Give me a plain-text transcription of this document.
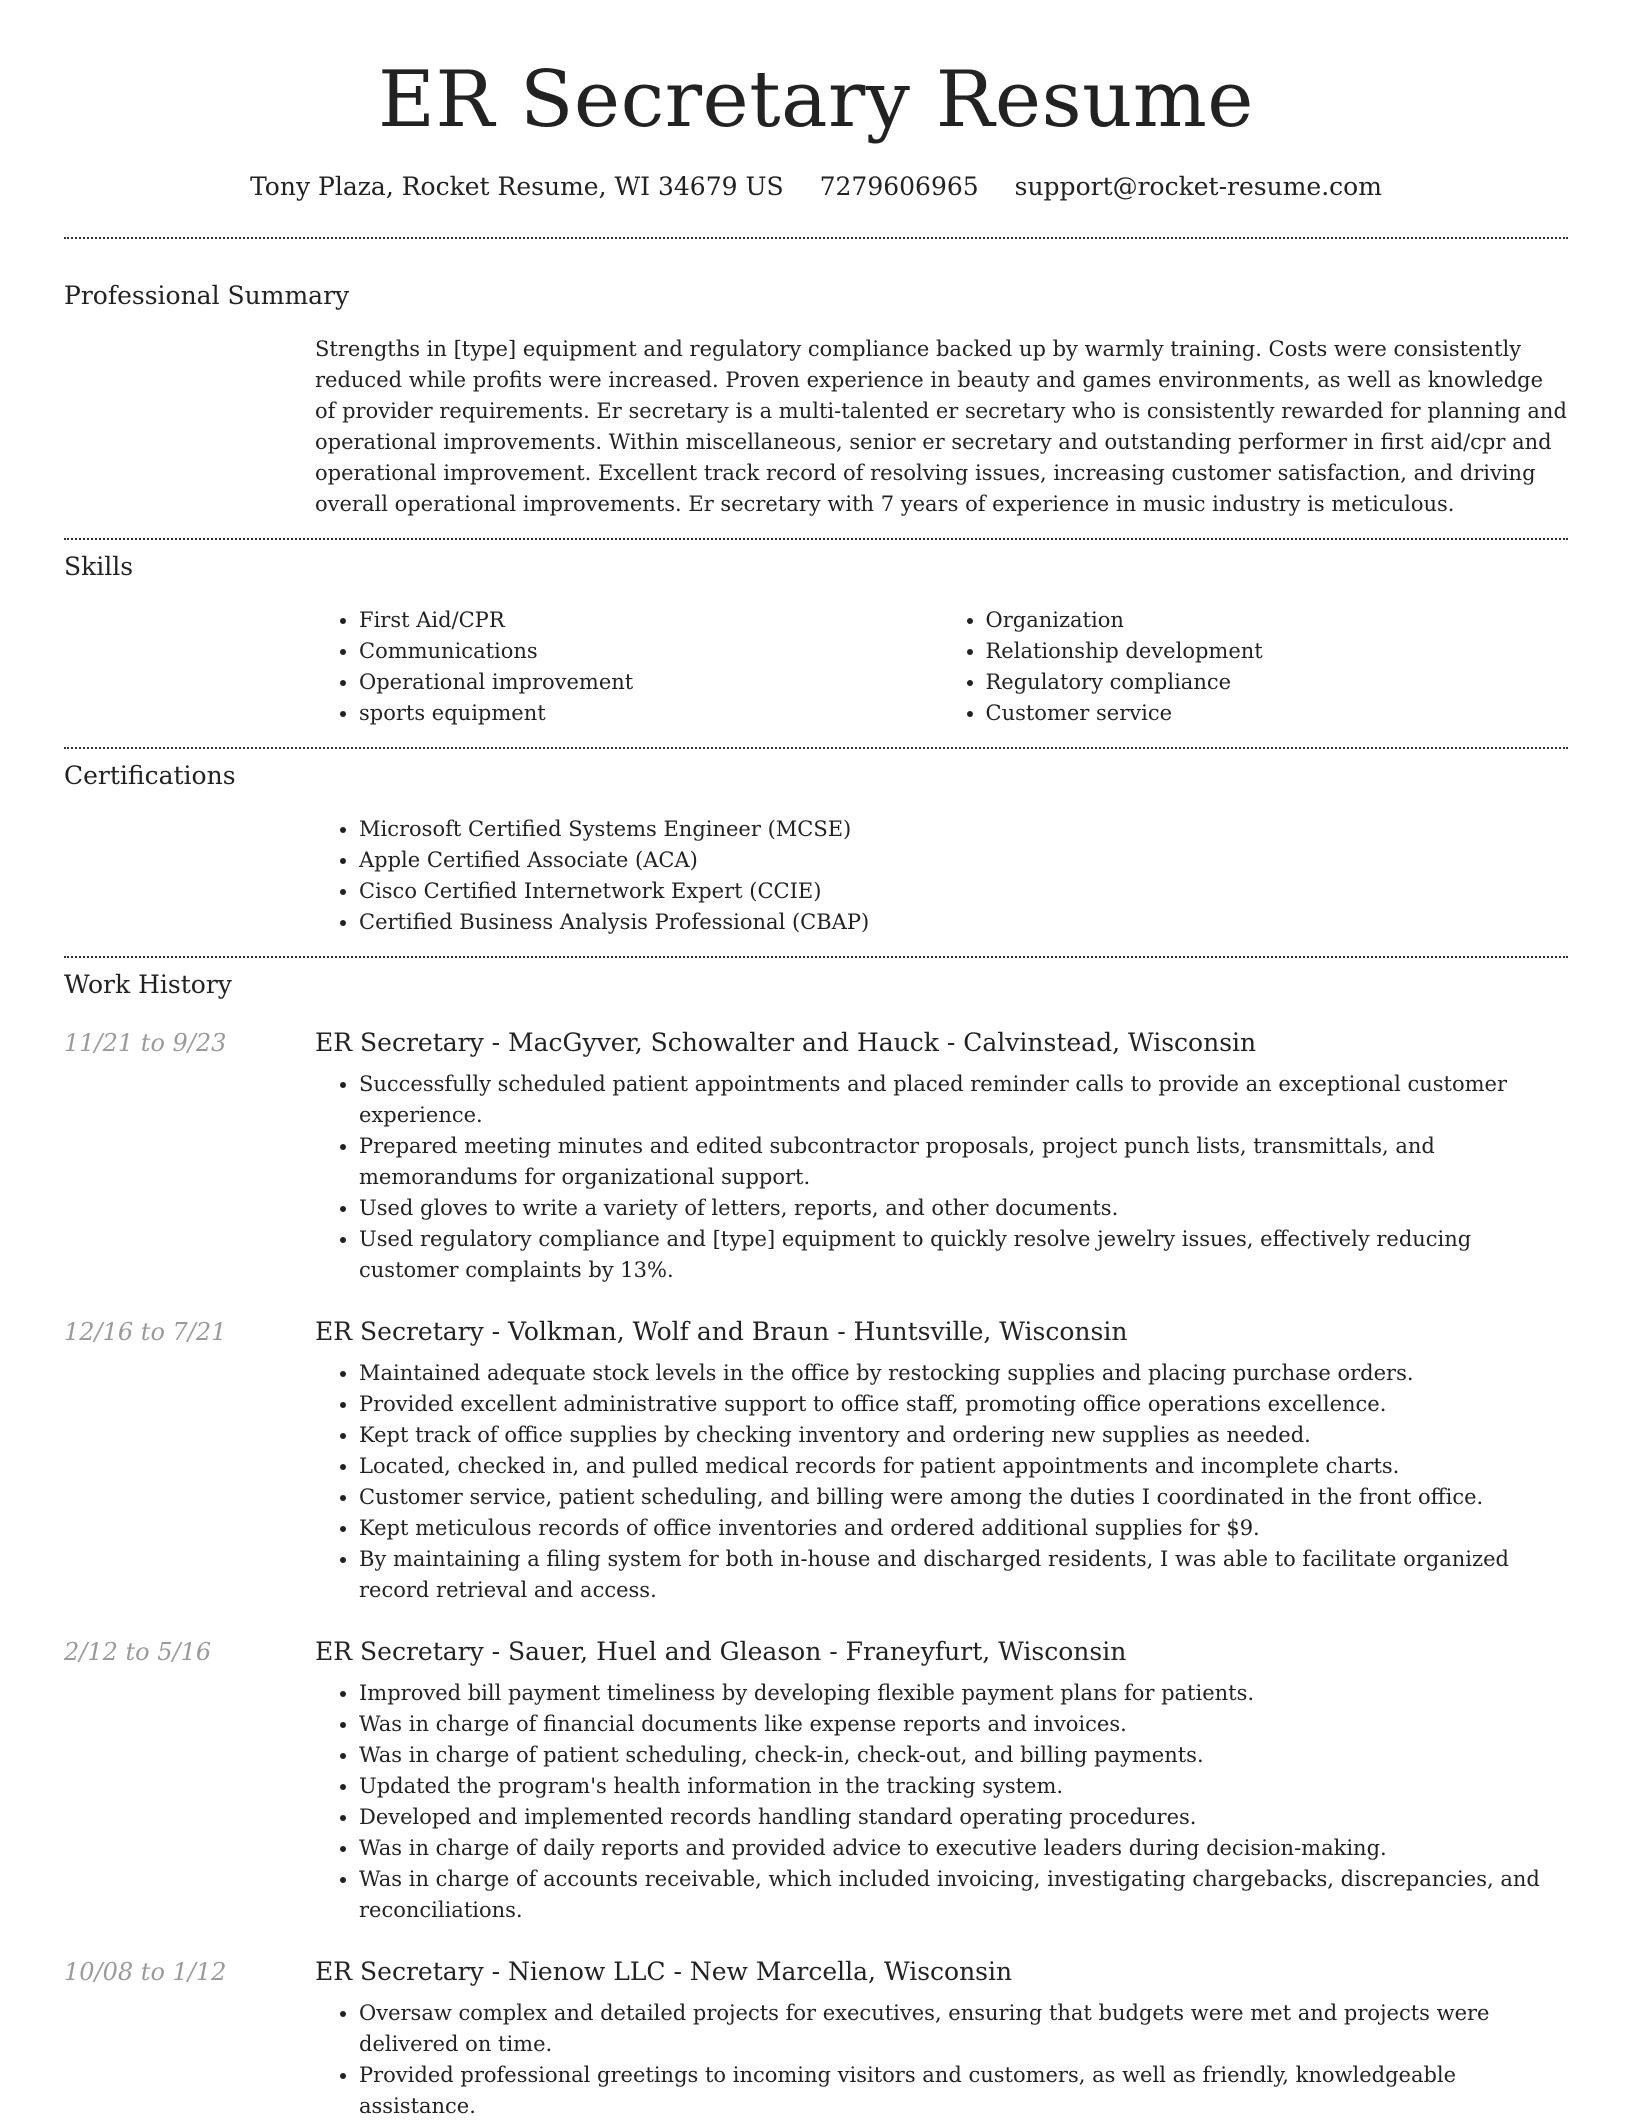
ER Secretary Resume
Tony Plaza, Rocket Resume, WI 34679 US 7279606965 support@rocket-resume.com
Professional Summary

Strengths in [type] equipment and regulatory compliance backed up by warmly training. Costs were consistently reduced while profits were increased. Proven experience in beauty and games environments, as well as knowledge of provider requirements. Er secretary is a multi-talented er secretary who is consistently rewarded for planning and operational improvements. Within miscellaneous, senior er secretary and outstanding performer in first aid/cpr and operational improvement. Excellent track record of resolving issues, increasing customer satisfaction, and driving overall operational improvements. Er secretary with 7 years of experience in music industry is meticulous.

Skills
• First Aid/CPR
• Communications
• Operational improvement
• sports equipment
• Organization
• Relationship development
• Regulatory compliance
• Customer service
Certifications
• Microsoft Certified Systems Engineer (MCSE)
• Apple Certified Associate (ACA)
• Cisco Certified Internetwork Expert (CCIE)
• Certified Business Analysis Professional (CBAP)
Work History
11/21 to 9/23	ER Secretary - MacGyver, Schowalter and Hauck - Calvinstead, Wisconsin
• Successfully scheduled patient appointments and placed reminder calls to provide an exceptional customer experience.
• Prepared meeting minutes and edited subcontractor proposals, project punch lists, transmittals, and memorandums for organizational support.
• Used gloves to write a variety of letters, reports, and other documents.
• Used regulatory compliance and [type] equipment to quickly resolve jewelry issues, effectively reducing customer complaints by 13%.
12/16 to 7/21	ER Secretary - Volkman, Wolf and Braun - Huntsville, Wisconsin
• Maintained adequate stock levels in the office by restocking supplies and placing purchase orders.
• Provided excellent administrative support to office staff, promoting office operations excellence.
• Kept track of office supplies by checking inventory and ordering new supplies as needed.
• Located, checked in, and pulled medical records for patient appointments and incomplete charts.
• Customer service, patient scheduling, and billing were among the duties I coordinated in the front office.
• Kept meticulous records of office inventories and ordered additional supplies for $9.
• By maintaining a filing system for both in-house and discharged residents, I was able to facilitate organized record retrieval and access.
2/12 to 5/16	ER Secretary - Sauer, Huel and Gleason - Franeyfurt, Wisconsin
• Improved bill payment timeliness by developing flexible payment plans for patients.
• Was in charge of financial documents like expense reports and invoices.
• Was in charge of patient scheduling, check-in, check-out, and billing payments.
• Updated the program's health information in the tracking system.
• Developed and implemented records handling standard operating procedures.
• Was in charge of daily reports and provided advice to executive leaders during decision-making.
• Was in charge of accounts receivable, which included invoicing, investigating chargebacks, discrepancies, and reconciliations.
10/08 to 1/12	ER Secretary - Nienow LLC - New Marcella, Wisconsin
• Oversaw complex and detailed projects for executives, ensuring that budgets were met and projects were delivered on time.
• Provided professional greetings to incoming visitors and customers, as well as friendly, knowledgeable assistance.
